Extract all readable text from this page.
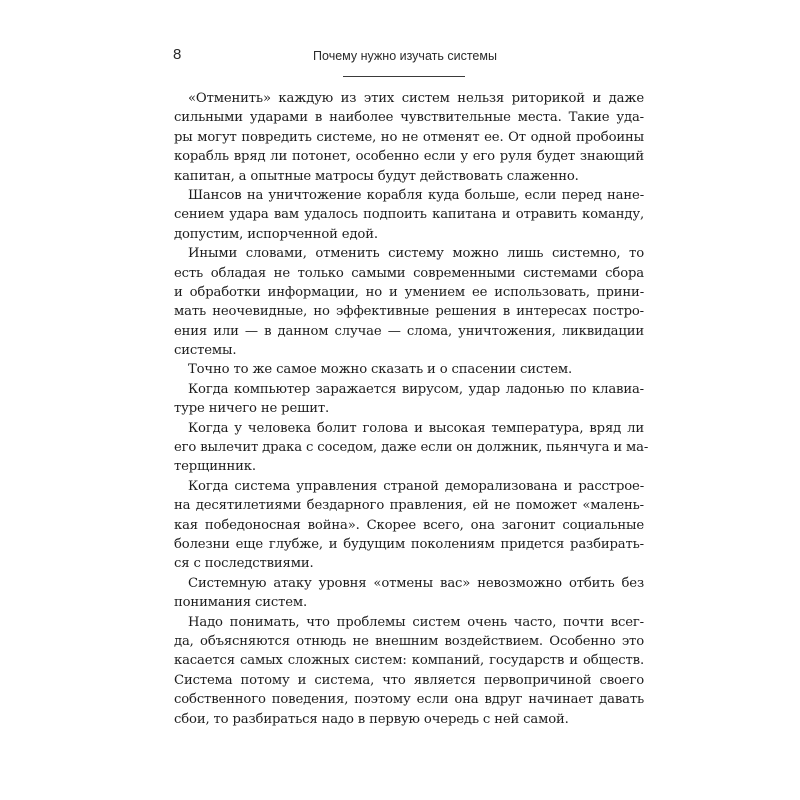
8	Почему нужно изучать системы
«Отменить» каждую из этих систем нельзя риторикой и даже
сильными ударами в наиболее чувствительные места. Такие уда-
ры могут повредить системе, но не отменят ее. От одной пробоины
корабль вряд ли потонет, особенно если у его руля будет знающий
капитан, а опытные матросы будут действовать слаженно.
Шансов на уничтожение корабля куда больше, если перед нане-
сением удара вам удалось подпоить капитана и отравить команду,
допустим, испорченной едой.
Иными словами, отменить систему можно лишь системно, то
есть обладая не только самыми современными системами сбора
и обработки информации, но и умением ее использовать, прини-
мать неочевидные, но эффективные решения в интересах постро-
ения или — в данном случае — слома, уничтожения, ликвидации
системы.
Точно то же самое можно сказать и о спасении систем.
Когда компьютер заражается вирусом, удар ладонью по клавиа-
туре ничего не решит.
Когда у человека болит голова и высокая температура, вряд ли
его вылечит драка с соседом, даже если он должник, пьянчуга и ма-
терщинник.
Когда система управления страной деморализована и расстрое-
на десятилетиями бездарного правления, ей не поможет «малень-
кая победоносная война». Скорее всего, она загонит социальные
болезни еще глубже, и будущим поколениям придется разбирать-
ся с последствиями.
Системную атаку уровня «отмены вас» невозможно отбить без
понимания систем.
Надо понимать, что проблемы систем очень часто, почти всег-
да, объясняются отнюдь не внешним воздействием. Особенно это
касается самых сложных систем: компаний, государств и обществ.
Система потому и система, что является первопричиной своего
собственного поведения, поэтому если она вдруг начинает давать
сбои, то разбираться надо в первую очередь с ней самой.
